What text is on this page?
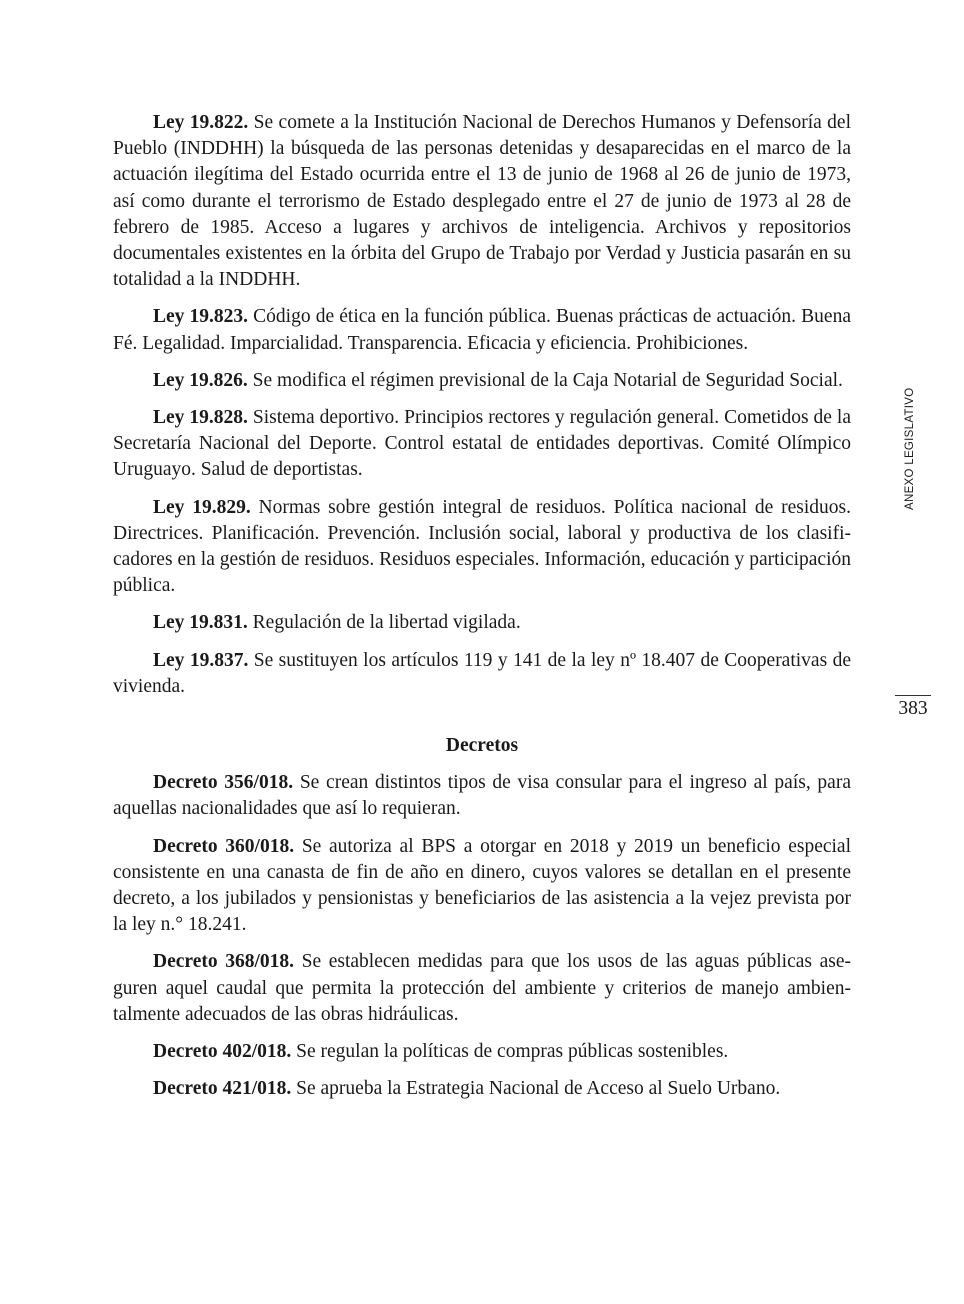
Ley 19.822. Se comete a la Institución Nacional de Derechos Humanos y Defensoría del Pueblo (INDDHH) la búsqueda de las personas detenidas y desaparecidas en el marco de la actuación ilegítima del Estado ocurrida entre el 13 de junio de 1968 al 26 de junio de 1973, así como durante el terrorismo de Estado desplegado entre el 27 de junio de 1973 al 28 de febrero de 1985. Acceso a lugares y archivos de inteligencia. Archivos y repositorios documentales existentes en la órbita del Grupo de Trabajo por Verdad y Justicia pasarán en su totalidad a la INDDHH.

Ley 19.823. Código de ética en la función pública. Buenas prácticas de actuación. Buena Fé. Legalidad. Imparcialidad. Transparencia. Eficacia y eficiencia. Prohibiciones.

Ley 19.826. Se modifica el régimen previsional de la Caja Notarial de Seguridad Social.

Ley 19.828. Sistema deportivo. Principios rectores y regulación general. Cometidos de la Secretaría Nacional del Deporte. Control estatal de entidades deportivas. Comité Olímpico Uruguayo. Salud de deportistas.

Ley 19.829. Normas sobre gestión integral de residuos. Política nacional de residuos. Directrices. Planificación. Prevención. Inclusión social, laboral y productiva de los clasificadores en la gestión de residuos. Residuos especiales. Información, educación y participación pública.

Ley 19.831. Regulación de la libertad vigilada.

Ley 19.837. Se sustituyen los artículos 119 y 141 de la ley nº 18.407 de Cooperativas de vivienda.

Decretos

Decreto 356/018. Se crean distintos tipos de visa consular para el ingreso al país, para aquellas nacionalidades que así lo requieran.

Decreto 360/018. Se autoriza al BPS a otorgar en 2018 y 2019 un beneficio especial consistente en una canasta de fin de año en dinero, cuyos valores se detallan en el presente decreto, a los jubilados y pensionistas y beneficiarios de las asistencia a la vejez prevista por la ley n.° 18.241.

Decreto 368/018. Se establecen medidas para que los usos de las aguas públicas aseguren aquel caudal que permita la protección del ambiente y criterios de manejo ambientalmente adecuados de las obras hidráulicas.

Decreto 402/018. Se regulan la políticas de compras públicas sostenibles.

Decreto 421/018. Se aprueba la Estrategia Nacional de Acceso al Suelo Urbano.

ANEXO LEGISLATIVO
383
